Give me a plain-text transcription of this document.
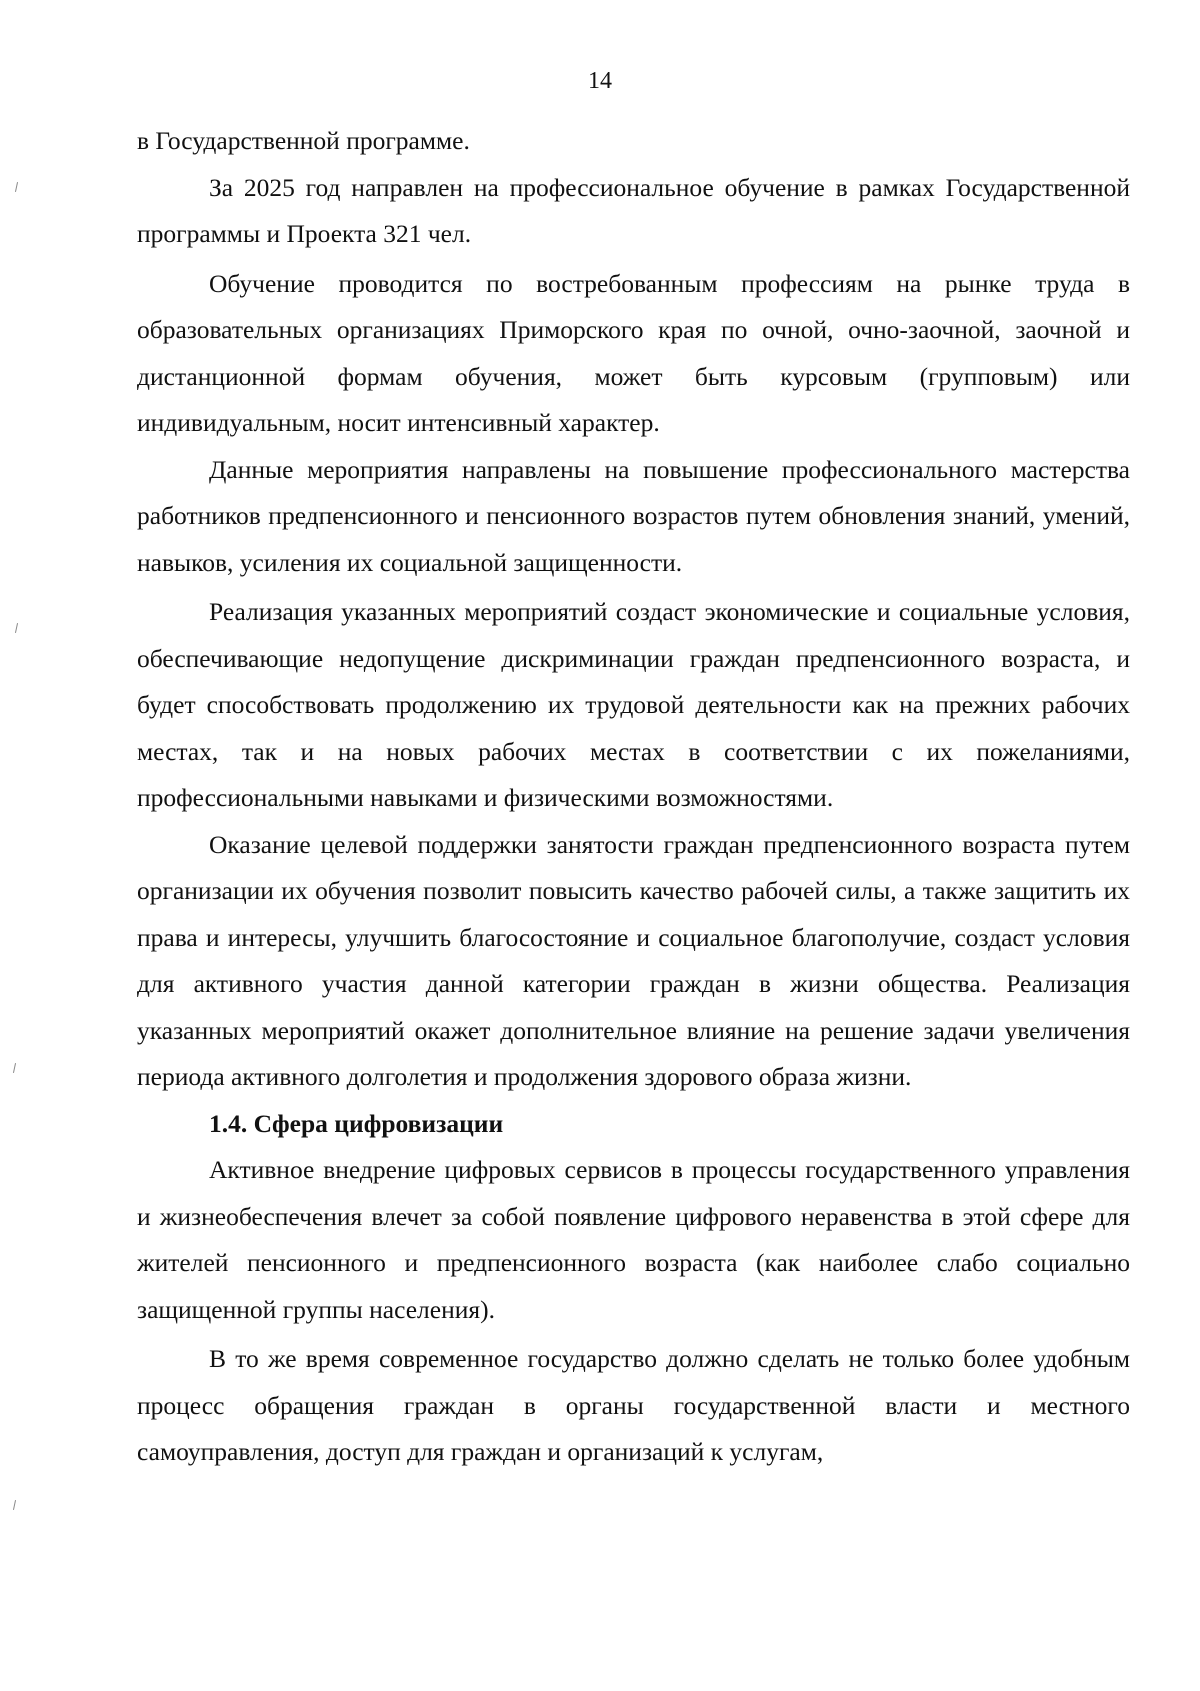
14

в Государственной программе.

За 2025 год направлен на профессиональное обучение в рамках Государственной программы и Проекта 321 чел.

Обучение проводится по востребованным профессиям на рынке труда в образовательных организациях Приморского края по очной, очно-заочной, заочной и дистанционной формам обучения, может быть курсовым (групповым) или индивидуальным, носит интенсивный характер.

Данные мероприятия направлены на повышение профессионального мастерства работников предпенсионного и пенсионного возрастов путем обновления знаний, умений, навыков, усиления их социальной защищенности.

Реализация указанных мероприятий создаст экономические и социальные условия, обеспечивающие недопущение дискриминации граждан предпенсионного возраста, и будет способствовать продолжению их трудовой деятельности как на прежних рабочих местах, так и на новых рабочих местах в соответствии с их пожеланиями, профессиональными навыками и физическими возможностями.

Оказание целевой поддержки занятости граждан предпенсионного возраста путем организации их обучения позволит повысить качество рабочей силы, а также защитить их права и интересы, улучшить благосостояние и социальное благополучие, создаст условия для активного участия данной категории граждан в жизни общества. Реализация указанных мероприятий окажет дополнительное влияние на решение задачи увеличения периода активного долголетия и продолжения здорового образа жизни.

1.4. Сфера цифровизации

Активное внедрение цифровых сервисов в процессы государственного управления и жизнеобеспечения влечет за собой появление цифрового неравенства в этой сфере для жителей пенсионного и предпенсионного возраста (как наиболее слабо социально защищенной группы населения).

В то же время современное государство должно сделать не только более удобным процесс обращения граждан в органы государственной власти и местного самоуправления, доступ для граждан и организаций к услугам,
